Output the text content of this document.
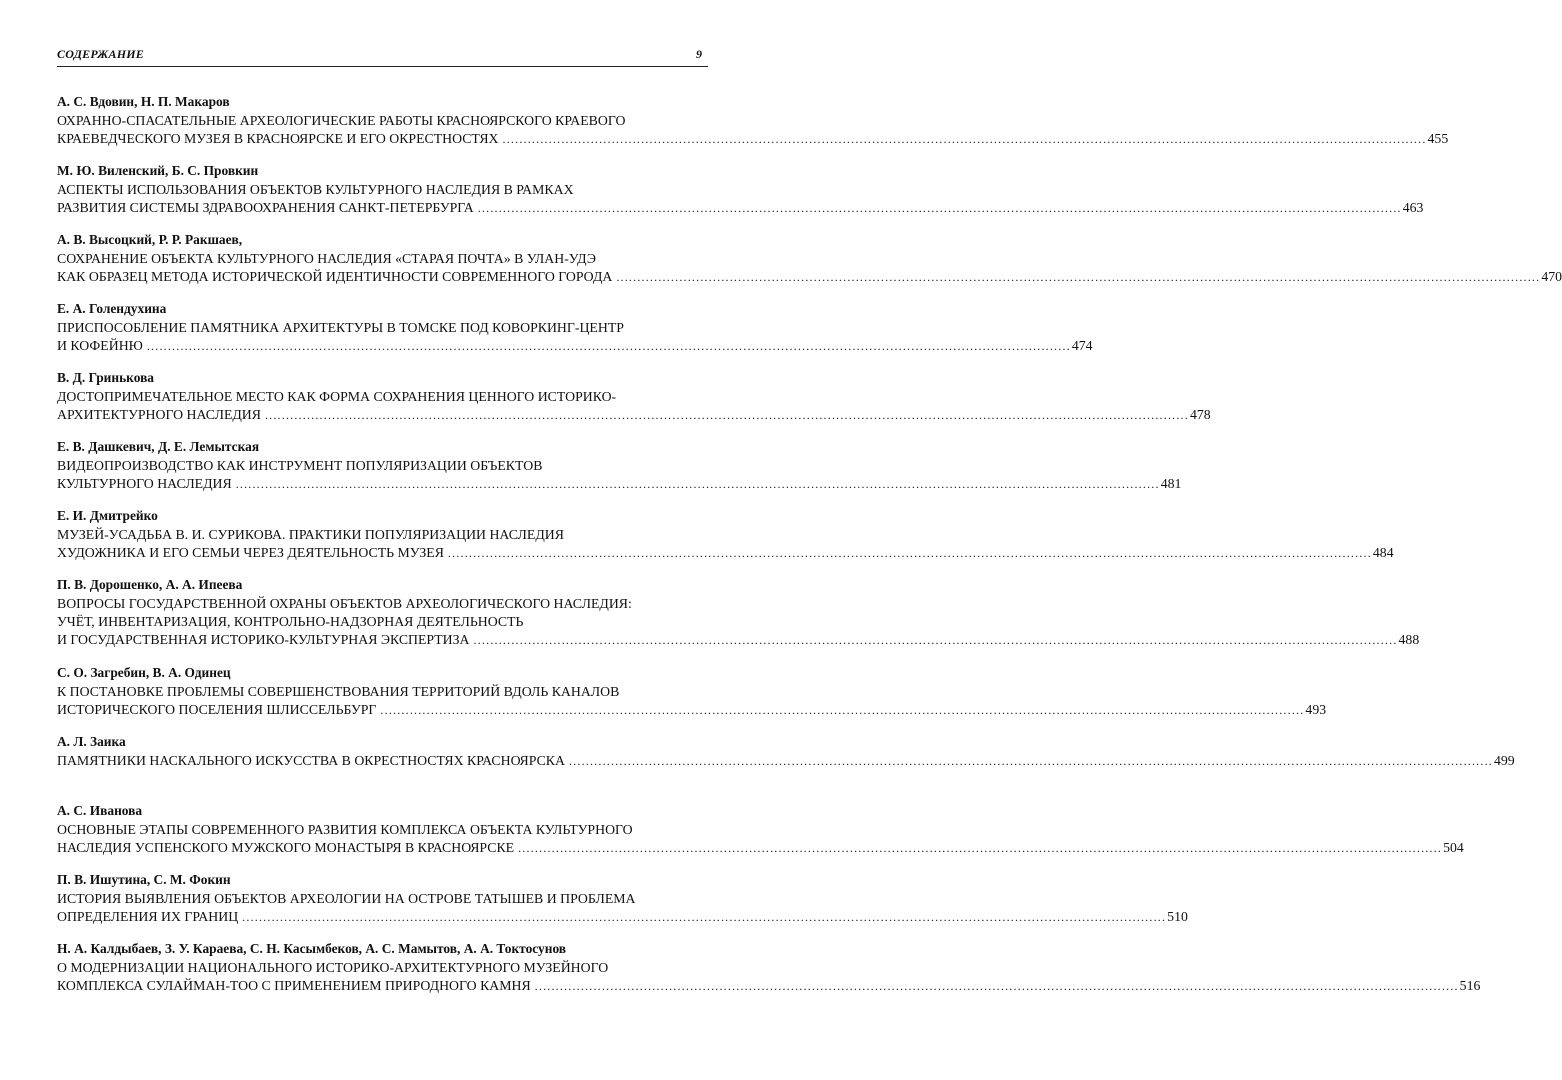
СОДЕРЖАНИЕ	9
А. С. Вдовин, Н. П. Макаров
ОХРАННО-СПАСАТЕЛЬНЫЕ АРХЕОЛОГИЧЕСКИЕ РАБОТЫ КРАСНОЯРСКОГО КРАЕВОГО
КРАЕВЕДЧЕСКОГО МУЗЕЯ В КРАСНОЯРСКЕ И ЕГО ОКРЕСТНОСТЯХ ............................................................................................................................................................................................................................ 455
М. Ю. Виленский, Б. С. Провкин
АСПЕКТЫ ИСПОЛЬЗОВАНИЯ ОБЪЕКТОВ КУЛЬТУРНОГО НАСЛЕДИЯ В РАМКАХ
РАЗВИТИЯ СИСТЕМЫ ЗДРАВООХРАНЕНИЯ САНКТ-ПЕТЕРБУРГА ............................................................................................................................................................................................................................ 463
А. В. Высоцкий, Р. Р. Ракшаев,
СОХРАНЕНИЕ ОБЪЕКТА КУЛЬТУРНОГО НАСЛЕДИЯ «СТАРАЯ ПОЧТА» В УЛАН-УДЭ
КАК ОБРАЗЕЦ МЕТОДА ИСТОРИЧЕСКОЙ ИДЕНТИЧНОСТИ СОВРЕМЕННОГО ГОРОДА ............................................................................................................................................................................................................................ 470
Е. А. Голендухина
ПРИСПОСОБЛЕНИЕ ПАМЯТНИКА АРХИТЕКТУРЫ В ТОМСКЕ ПОД КОВОРКИНГ-ЦЕНТР
И КОФЕЙНЮ ............................................................................................................................................................................................................................ 474
В. Д. Гринькова
ДОСТОПРИМЕЧАТЕЛЬНОЕ МЕСТО КАК ФОРМА СОХРАНЕНИЯ ЦЕННОГО ИСТОРИКО-
АРХИТЕКТУРНОГО НАСЛЕДИЯ ............................................................................................................................................................................................................................ 478
Е. В. Дашкевич, Д. Е. Лемытская
ВИДЕОПРОИЗВОДСТВО КАК ИНСТРУМЕНТ ПОПУЛЯРИЗАЦИИ ОБЪЕКТОВ
КУЛЬТУРНОГО НАСЛЕДИЯ ............................................................................................................................................................................................................................ 481
Е. И. Дмитрейко
МУЗЕЙ-УСАДЬБА В. И. СУРИКОВА. ПРАКТИКИ ПОПУЛЯРИЗАЦИИ НАСЛЕДИЯ
ХУДОЖНИКА И ЕГО СЕМЬИ ЧЕРЕЗ ДЕЯТЕЛЬНОСТЬ МУЗЕЯ ............................................................................................................................................................................................................................ 484
П. В. Дорошенко, А. А. Ипеева
ВОПРОСЫ ГОСУДАРСТВЕННОЙ ОХРАНЫ ОБЪЕКТОВ АРХЕОЛОГИЧЕСКОГО НАСЛЕДИЯ:
УЧЁТ, ИНВЕНТАРИЗАЦИЯ, КОНТРОЛЬНО-НАДЗОРНАЯ ДЕЯТЕЛЬНОСТЬ
И ГОСУДАРСТВЕННАЯ ИСТОРИКО-КУЛЬТУРНАЯ ЭКСПЕРТИЗА ............................................................................................................................................................................................................................ 488
С. О. Загребин, В. А. Одинец
К ПОСТАНОВКЕ ПРОБЛЕМЫ СОВЕРШЕНСТВОВАНИЯ ТЕРРИТОРИЙ ВДОЛЬ КАНАЛОВ
ИСТОРИЧЕСКОГО ПОСЕЛЕНИЯ ШЛИССЕЛЬБУРГ ............................................................................................................................................................................................................................ 493
А. Л. Заика
ПАМЯТНИКИ НАСКАЛЬНОГО ИСКУССТВА В ОКРЕСТНОСТЯХ КРАСНОЯРСКА ............................................................................................................................................................................................................................ 499
А. С. Иванова
ОСНОВНЫЕ ЭТАПЫ СОВРЕМЕННОГО РАЗВИТИЯ КОМПЛЕКСА ОБЪЕКТА КУЛЬТУРНОГО
НАСЛЕДИЯ УСПЕНСКОГО МУЖСКОГО МОНАСТЫРЯ В КРАСНОЯРСКЕ ............................................................................................................................................................................................................................ 504
П. В. Ишутина, С. М. Фокин
ИСТОРИЯ ВЫЯВЛЕНИЯ ОБЪЕКТОВ АРХЕОЛОГИИ НА ОСТРОВЕ ТАТЫШЕВ И ПРОБЛЕМА
ОПРЕДЕЛЕНИЯ ИХ ГРАНИЦ ............................................................................................................................................................................................................................ 510
Н. А. Калдыбаев, З. У. Караева, С. Н. Касымбеков, А. С. Мамытов, А. А. Токтосунов
О МОДЕРНИЗАЦИИ НАЦИОНАЛЬНОГО ИСТОРИКО-АРХИТЕКТУРНОГО МУЗЕЙНОГО
КОМПЛЕКСА СУЛАЙМАН-ТОО С ПРИМЕНЕНИЕМ ПРИРОДНОГО КАМНЯ ............................................................................................................................................................................................................................ 516
